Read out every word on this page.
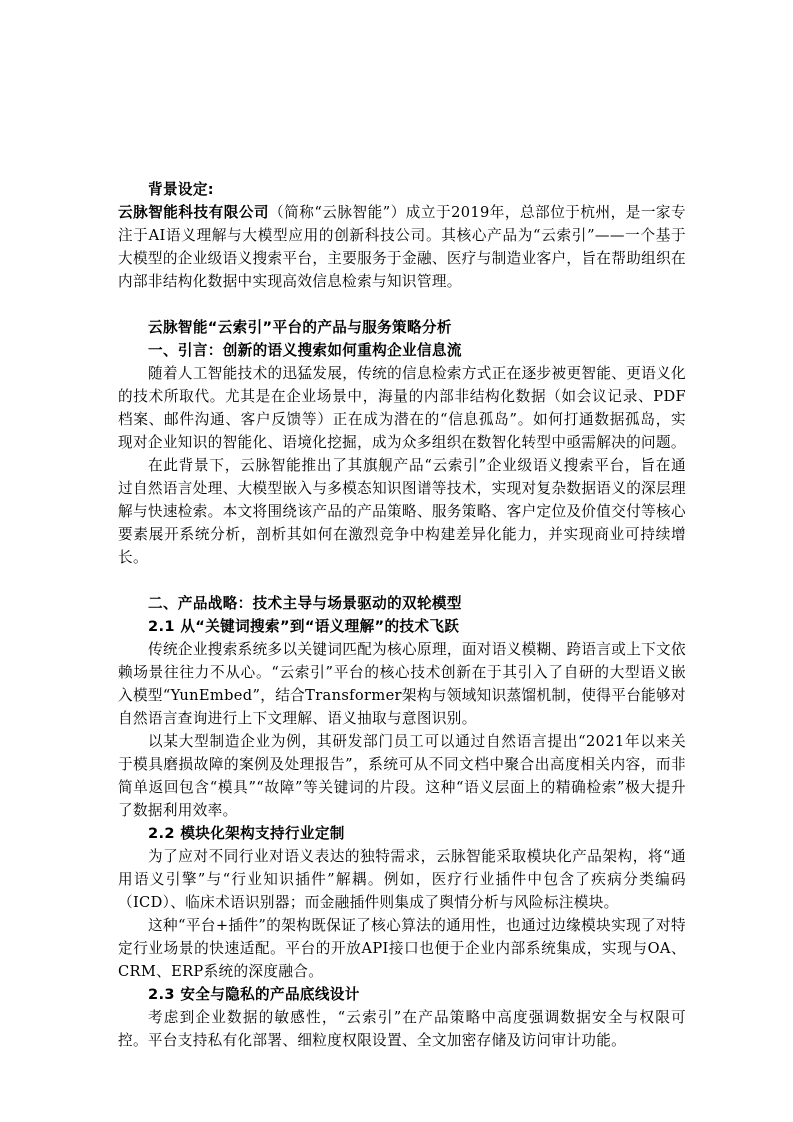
背景设定:

云脉智能科技有限公司（简称“云脉智能”）成立于2019年，总部位于杭州，是一家专注于AI语义理解与大模型应用的创新科技公司。其核心产品为“云索引”——一个基于大模型的企业级语义搜索平台，主要服务于金融、医疗与制造业客户，旨在帮助组织在内部非结构化数据中实现高效信息检索与知识管理。

云脉智能“云索引”平台的产品与服务策略分析

一、引言：创新的语义搜索如何重构企业信息流

随着人工智能技术的迅猛发展，传统的信息检索方式正在逐步被更智能、更语义化的技术所取代。尤其是在企业场景中，海量的内部非结构化数据（如会议记录、PDF档案、邮件沟通、客户反馈等）正在成为潜在的“信息孤岛”。如何打通数据孤岛，实现对企业知识的智能化、语境化挖掘，成为众多组织在数智化转型中亟需解决的问题。

在此背景下，云脉智能推出了其旗舰产品“云索引”企业级语义搜索平台，旨在通过自然语言处理、大模型嵌入与多模态知识图谱等技术，实现对复杂数据语义的深层理解与快速检索。本文将围绕该产品的产品策略、服务策略、客户定位及价值交付等核心要素展开系统分析，剖析其如何在激烈竞争中构建差异化能力，并实现商业可持续增长。

二、产品战略：技术主导与场景驱动的双轮模型

2.1 从“关键词搜索”到“语义理解”的技术飞跃

传统企业搜索系统多以关键词匹配为核心原理，面对语义模糊、跨语言或上下文依赖场景往往力不从心。“云索引”平台的核心技术创新在于其引入了自研的大型语义嵌入模型“YunEmbed”，结合Transformer架构与领域知识蒸馏机制，使得平台能够对自然语言查询进行上下文理解、语义抽取与意图识别。

以某大型制造企业为例，其研发部门员工可以通过自然语言提出“2021年以来关于模具磨损故障的案例及处理报告”，系统可从不同文档中聚合出高度相关内容，而非简单返回包含“模具”“故障”等关键词的片段。这种“语义层面上的精确检索”极大提升了数据利用效率。

2.2 模块化架构支持行业定制

为了应对不同行业对语义表达的独特需求，云脉智能采取模块化产品架构，将“通用语义引擎”与“行业知识插件”解耦。例如，医疗行业插件中包含了疾病分类编码（ICD）、临床术语识别器；而金融插件则集成了舆情分析与风险标注模块。

这种“平台+插件”的架构既保证了核心算法的通用性，也通过边缘模块实现了对特定行业场景的快速适配。平台的开放API接口也便于企业内部系统集成，实现与OA、CRM、ERP系统的深度融合。

2.3 安全与隐私的产品底线设计

考虑到企业数据的敏感性，“云索引”在产品策略中高度强调数据安全与权限可控。平台支持私有化部署、细粒度权限设置、全文加密存储及访问审计功能。
